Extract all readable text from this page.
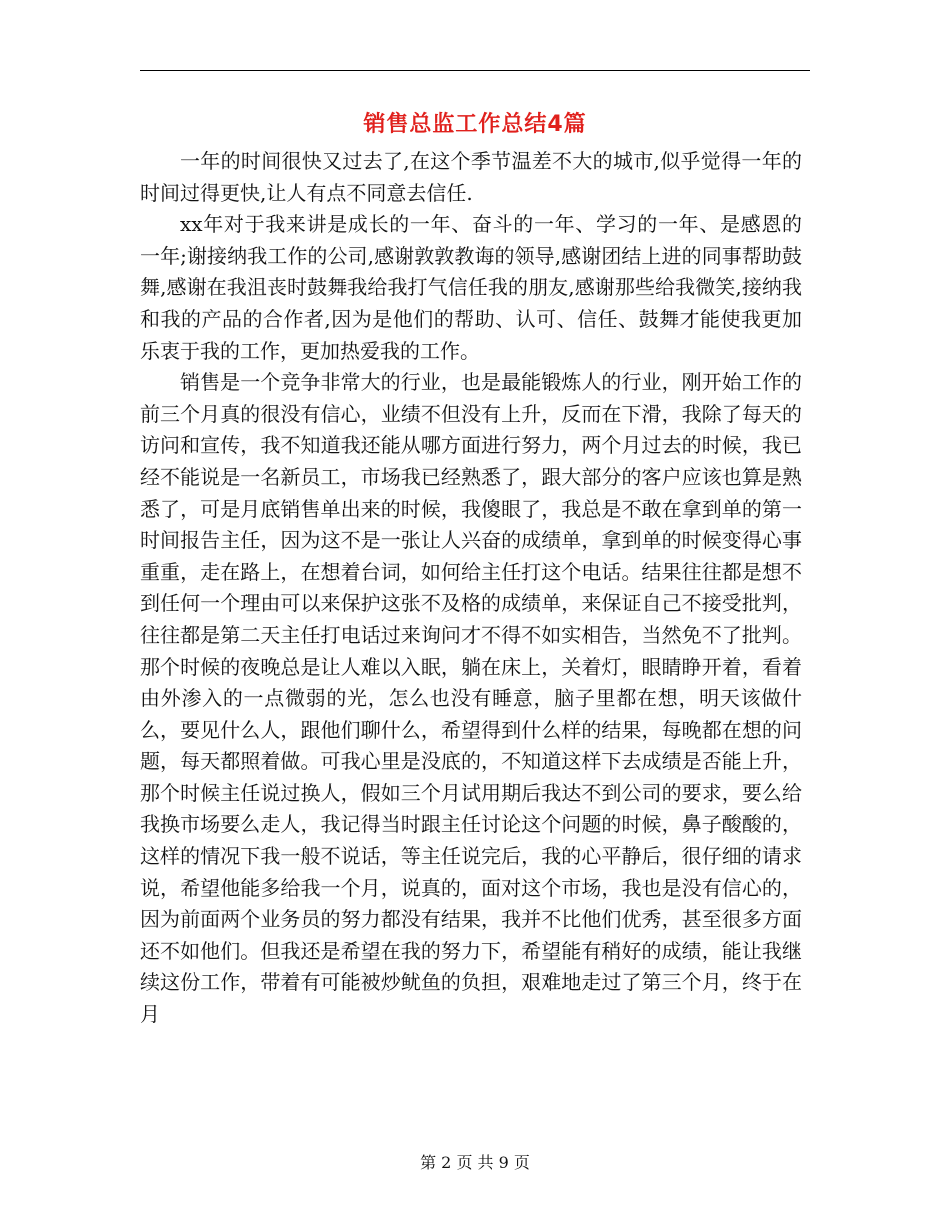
销售总监工作总结4篇

一年的时间很快又过去了,在这个季节温差不大的城市,似乎觉得一年的时间过得更快,让人有点不同意去信任.

xx年对于我来讲是成长的一年、奋斗的一年、学习的一年、是感恩的一年;谢接纳我工作的公司,感谢敦敦教诲的领导,感谢团结上进的同事帮助鼓舞,感谢在我沮丧时鼓舞我给我打气信任我的朋友,感谢那些给我微笑,接纳我和我的产品的合作者,因为是他们的帮助、认可、信任、鼓舞才能使我更加乐衷于我的工作，更加热爱我的工作。

销售是一个竞争非常大的行业，也是最能锻炼人的行业，刚开始工作的前三个月真的很没有信心，业绩不但没有上升，反而在下滑，我除了每天的访问和宣传，我不知道我还能从哪方面进行努力，两个月过去的时候，我已经不能说是一名新员工，市场我已经熟悉了，跟大部分的客户应该也算是熟悉了，可是月底销售单出来的时候，我傻眼了，我总是不敢在拿到单的第一时间报告主任，因为这不是一张让人兴奋的成绩单，拿到单的时候变得心事重重，走在路上，在想着台词，如何给主任打这个电话。结果往往都是想不到任何一个理由可以来保护这张不及格的成绩单，来保证自己不接受批判，往往都是第二天主任打电话过来询问才不得不如实相告，当然免不了批判。那个时候的夜晚总是让人难以入眠，躺在床上，关着灯，眼睛睁开着，看着由外渗入的一点微弱的光，怎么也没有睡意，脑子里都在想，明天该做什么，要见什么人，跟他们聊什么，希望得到什么样的结果，每晚都在想的问题，每天都照着做。可我心里是没底的，不知道这样下去成绩是否能上升，那个时候主任说过换人，假如三个月试用期后我达不到公司的要求，要么给我换市场要么走人，我记得当时跟主任讨论这个问题的时候，鼻子酸酸的，这样的情况下我一般不说话，等主任说完后，我的心平静后，很仔细的请求说，希望他能多给我一个月，说真的，面对这个市场，我也是没有信心的，因为前面两个业务员的努力都没有结果，我并不比他们优秀，甚至很多方面还不如他们。但我还是希望在我的努力下，希望能有稍好的成绩，能让我继续这份工作，带着有可能被炒鱿鱼的负担，艰难地走过了第三个月，终于在月

第 2 页 共 9 页
